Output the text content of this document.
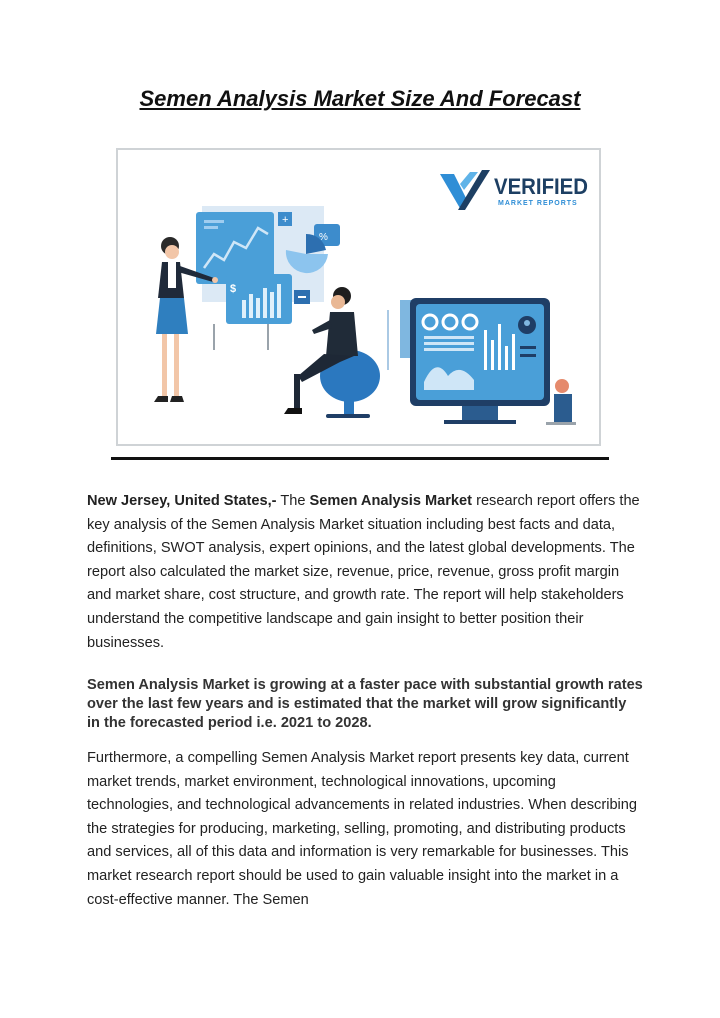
Semen Analysis Market Size And Forecast
VERIFIED
MARKET REPORTS
+
%
$

New Jersey, United States,- The Semen Analysis Market research report offers the key analysis of the Semen Analysis Market situation including best facts and data, definitions, SWOT analysis, expert opinions, and the latest global developments. The report also calculated the market size, revenue, price, revenue, gross profit margin and market share, cost structure, and growth rate. The report will help stakeholders understand the competitive landscape and gain insight to better position their businesses.

Semen Analysis Market is growing at a faster pace with substantial growth rates over the last few years and is estimated that the market will grow significantly in the forecasted period i.e. 2021 to 2028.

Furthermore, a compelling Semen Analysis Market report presents key data, current market trends, market environment, technological innovations, upcoming technologies, and technological advancements in related industries. When describing the strategies for producing, marketing, selling, promoting, and distributing products and services, all of this data and information is very remarkable for businesses. This market research report should be used to gain valuable insight into the market in a cost-effective manner. The Semen
